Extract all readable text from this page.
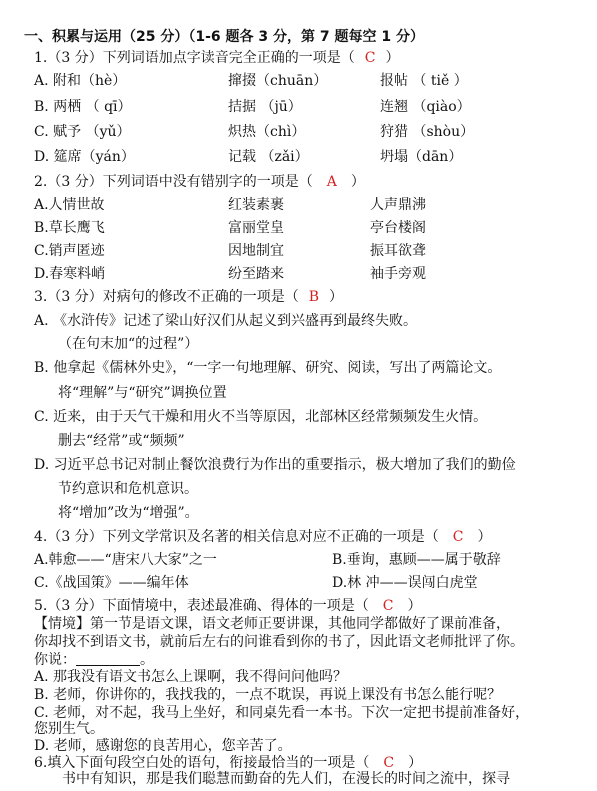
一、积累与运用（25 分）（1-6 题各 3 分，第 7 题每空 1 分）
1.（3 分）下列词语加点字读音完全正确的一项是（ C ）
A. 附和（hè）	撺掇（chuān）	报帖 （ tiě ）
B. 两栖 （ qī）	拮据 （jū）	连翘 （qiào）
C. 赋予 （yǔ）	炽热（chì）	狩猎 （shòu）
D. 筵席（yán）	记载 （zǎi）	坍塌（dān）
2.（3 分）下列词语中没有错别字的一项是（ A ）
A.人情世故	红装素裹	人声鼎沸
B.草长鹰飞	富丽堂皇	亭台楼阁
C.销声匿迹	因地制宜	振耳欲聋
D.春寒料峭	纷至踏来	袖手旁观
3.（3 分）对病句的修改不正确的一项是（ B ）
A. 《水浒传》记述了梁山好汉们从起义到兴盛再到最终失败。
（在句末加“的过程”）
B. 他拿起《儒林外史》，“一字一句地理解、研究、阅读，写出了两篇论文。
将“理解”与“研究”调换位置
C. 近来，由于天气干燥和用火不当等原因，北部林区经常频频发生火情。
删去“经常”或“频频”
D. 习近平总书记对制止餐饮浪费行为作出的重要指示，极大增加了我们的勤俭
节约意识和危机意识。
将“增加”改为“增强”。
4.（3 分）下列文学常识及名著的相关信息对应不正确的一项是（ C ）
A.韩愈——“唐宋八大家”之一	B.垂询，惠顾——属于敬辞
C.《战国策》——编年体	D.林 冲——误闯白虎堂
5.（3 分）下面情境中，表述最准确、得体的一项是（ C ）
【情境】第一节是语文课，语文老师正要讲课，其他同学都做好了课前准备，
你却找不到语文书，就前后左右的问谁看到你的书了，因此语文老师批评了你。
你说：	。
A. 那我没有语文书怎么上课啊，我不得问问他吗？
B. 老师，你讲你的，我找我的，一点不耽误，再说上课没有书怎么能行呢？
C. 老师，对不起，我马上坐好，和同桌先看一本书。下次一定把书提前准备好，
您别生气。
D. 老师，感谢您的良苦用心，您辛苦了。
6.填入下面句段空白处的语句，衔接最恰当的一项是（ C ）
书中有知识，那是我们聪慧而勤奋的先人们，在漫长的时间之流中，探寻
